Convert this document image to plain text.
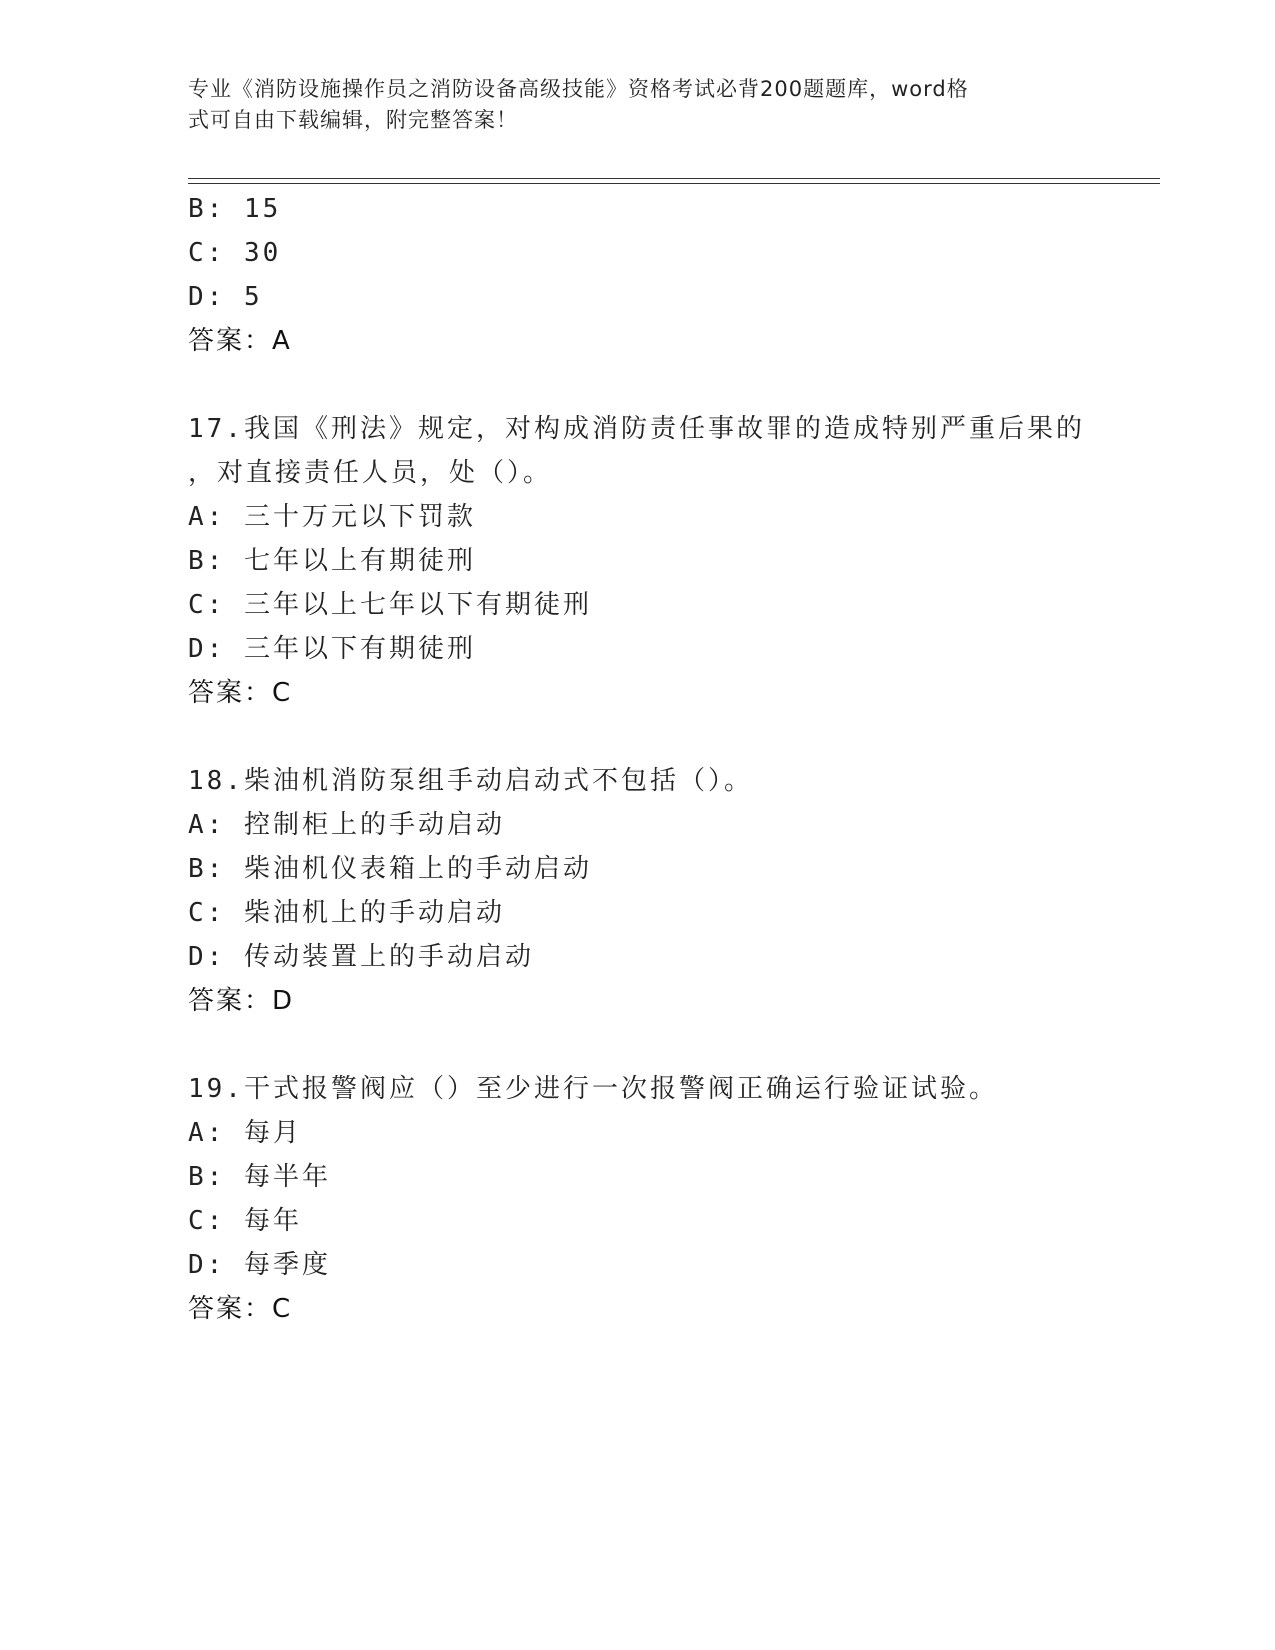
专业《消防设施操作员之消防设备高级技能》资格考试必背200题题库，word格
式可自由下载编辑，附完整答案！
B: 15
C: 30
D: 5
答案：A
17.我国《刑法》规定，对构成消防责任事故罪的造成特别严重后果的
，对直接责任人员，处（）。
A: 三十万元以下罚款
B: 七年以上有期徒刑
C: 三年以上七年以下有期徒刑
D: 三年以下有期徒刑
答案：C
18.柴油机消防泵组手动启动式不包括（）。
A: 控制柜上的手动启动
B: 柴油机仪表箱上的手动启动
C: 柴油机上的手动启动
D: 传动装置上的手动启动
答案：D
19.干式报警阀应（）至少进行一次报警阀正确运行验证试验。
A: 每月
B: 每半年
C: 每年
D: 每季度
答案：C
